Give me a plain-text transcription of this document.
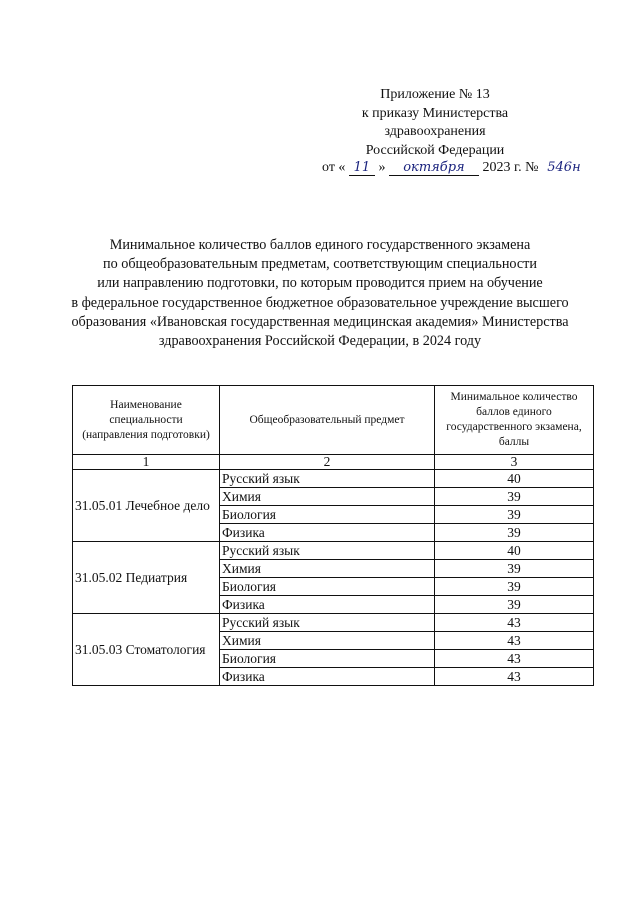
Приложение № 13
к приказу Министерства
здравоохранения
Российской Федерации
от « 11 » октября 2023 г. № 546н
Минимальное количество баллов единого государственного экзамена
по общеобразовательным предметам, соответствующим специальности
или направлению подготовки, по которым проводится прием на обучение
в федеральное государственное бюджетное образовательное учреждение высшего
образования «Ивановская государственная медицинская академия» Министерства
здравоохранения Российской Федерации, в 2024 году
Наименование специальности (направления подготовки)	Общеобразовательный предмет	Минимальное количество баллов единого государственного экзамена, баллы
1	2	3
31.05.01 Лечебное дело	Русский язык	40
	Химия	39
	Биология	39
	Физика	39
31.05.02 Педиатрия	Русский язык	40
	Химия	39
	Биология	39
	Физика	39
31.05.03 Стоматология	Русский язык	43
	Химия	43
	Биология	43
	Физика	43
